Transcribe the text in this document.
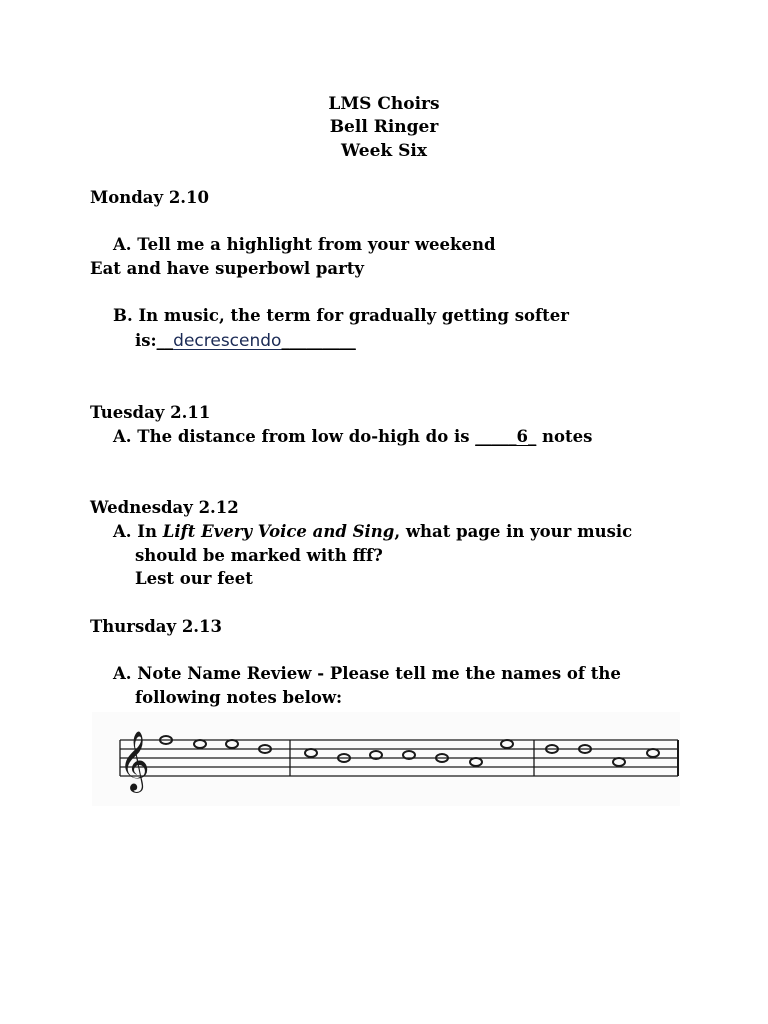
LMS Choirs
Bell Ringer
Week Six
Monday 2.10
A. Tell me a highlight from your weekend
Eat and have superbowl party
B. In music, the term for gradually getting softer
is:__decrescendo_________
Tuesday 2.11
A. The distance from low do-high do is _____6_ notes
Wednesday 2.12
A. In Lift Every Voice and Sing, what page in your music
should be marked with fff?
Lest our feet
Thursday 2.13
A. Note Name Review - Please tell me the names of the
following notes below:
𝄞
